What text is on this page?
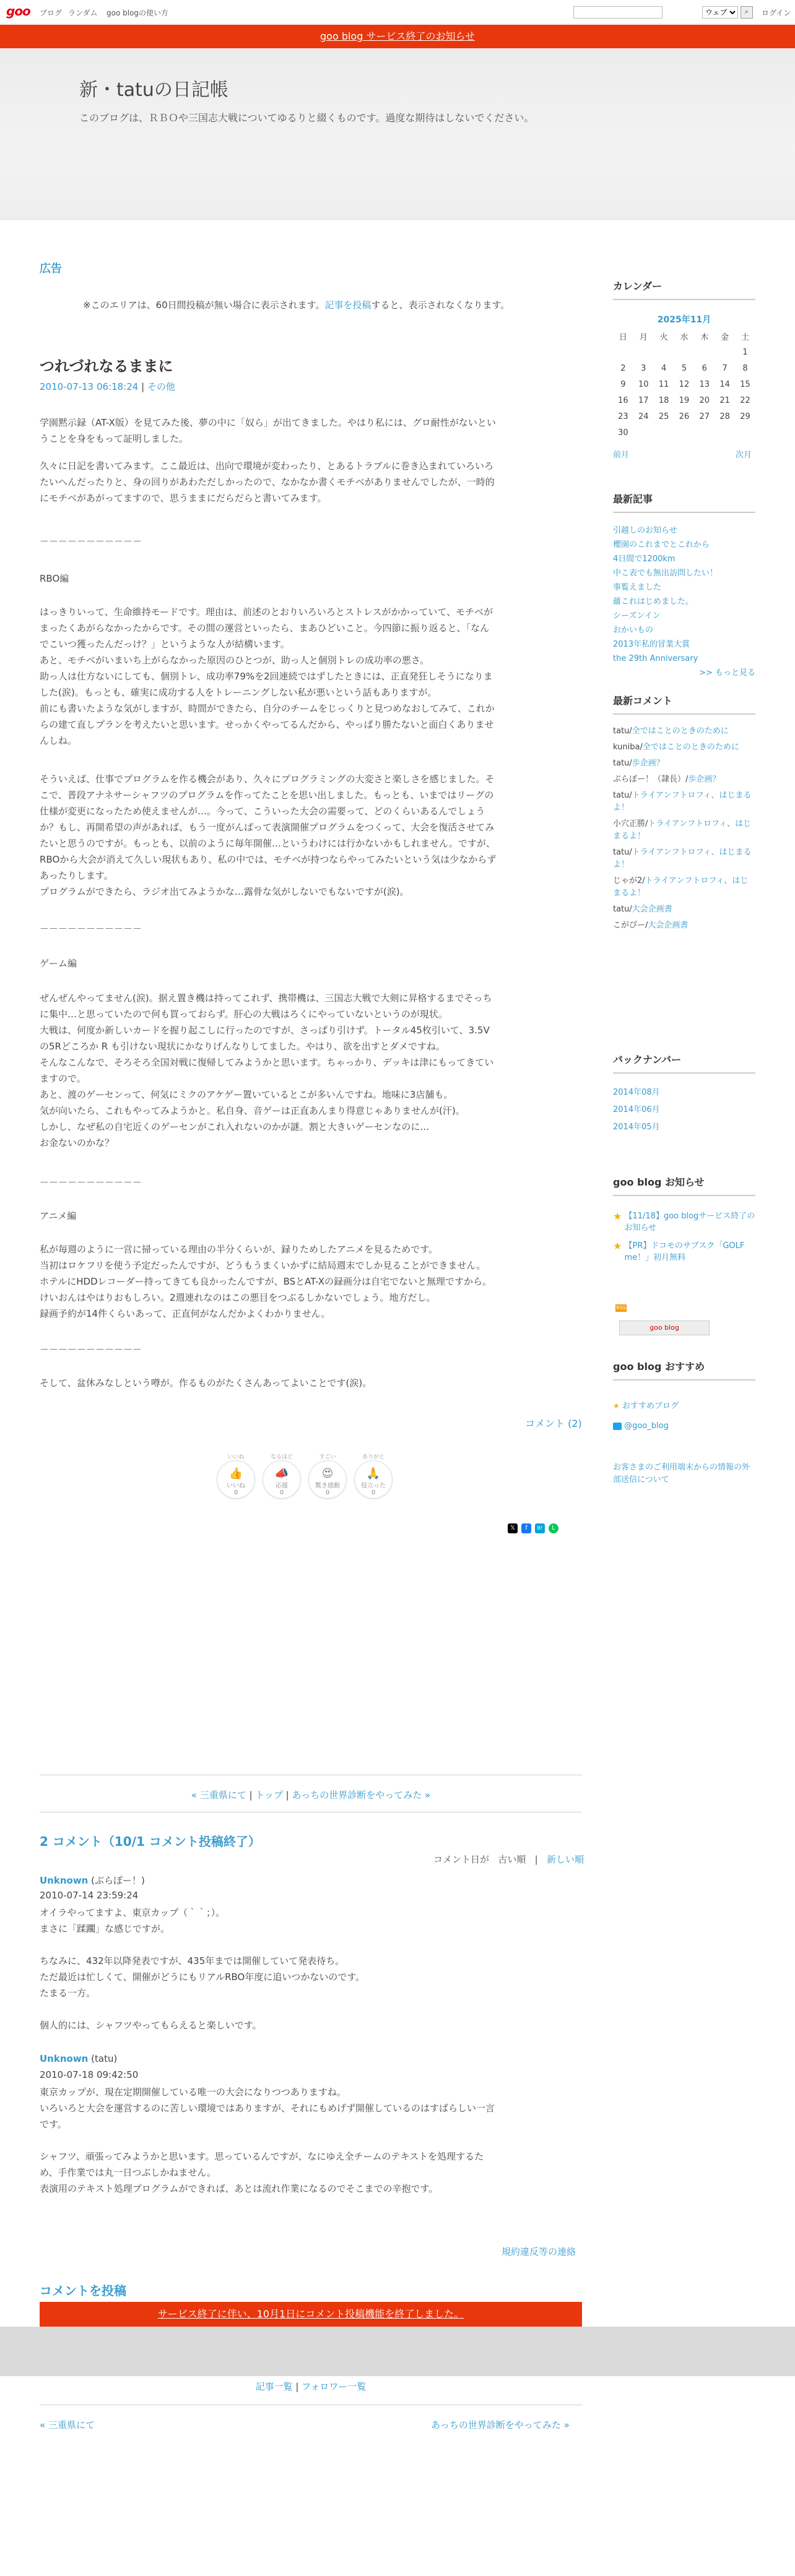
goo ブログ ランダム goo blogの使い方
ウェブ	⌕	ログイン
goo blog サービス終了のお知らせ
新・tatuの日記帳
このブログは、ＲＢＯや三国志大戦についてゆるりと綴くものです。過度な期待はしないでください。
広告
※このエリアは、60日間投稿が無い場合に表示されます。記事を投稿すると、表示されなくなります。
つれづれなるままに
2010-07-13 06:18:24 | その他
学園黙示録（AT-X版）を見てみた後、夢の中に「奴ら」が出てきました。やはり私には、グロ耐性がないということを身をもって証明しました。
久々に日記を書いてみます。ここ最近は、出向で環境が変わったり、とあるトラブルに巻き込まれていろいろたいへんだったりと、身の回りがあわただしかったので、なかなか書くモチベがありませんでしたが、一時的にモチベがあがってますので、思うままにだらだらと書いてみます。
－－－－－－－－－－－
RBO編
はっきりいって、生命維持モードです。理由は、前述のとおりいろいろとストレスがかかっていて、モチベがまったくあがらなかったからです。その間の運営といったら、まあひどいこと。今四節に振り返ると、「なんでこいつ獲ったんだっけ？」というような人が結構います。
あと、モチベがいまいち上がらなかった原因のひとつが、助っ人と個別トレの成功率の悪さ。
助っ人は仕方ないにしても、個別トレ、成功率79%を2回連続ではずしたときには、正直発狂しそうになりました(涙)。もっとも、確実に成功する人をトレーニングしない私が悪いという話もありますが。
前にも書いたような気がしますが、時間ができたら、自分のチームをじっくりと見つめなおしてみて、これからの建て直しプランを考えたいと思います。せっかくやってるんだから、やっぱり勝たないと面白くありませんしね。
そういえば、仕事でプログラムを作る機会があり、久々にプログラミングの大変さと楽しさを感じました。そこで、普段アナネサーシャフツのプログラムを作ってたことを思い出しました。もっとも、いまではリーグの仕様が変更になったため使えませんが…。今って、こういった大会の需要って、どのくらいあるんでしょうか？もし、再開希望の声があれば、もう一度がんばって表演開催プログラムをつくって、大会を復活させてみたいと思うのですが。もっとも、以前のように毎年開催…というわけには行かないかもしれません。ですが、RBOから大会が消えて久しい現状もあり、私の中では、モチベが持つならやってみたいという気は少なからずあったりします。
プログラムができたら、ラジオ出てみようかな…露骨な気がしないでもないですが(涙)。
－－－－－－－－－－－
ゲーム編
ぜんぜんやってません(涙)。据え置き機は持ってこれず、携帯機は、三国志大戦で大剣に昇格するまでそっちに集中…と思っていたので何も買っておらず。肝心の大戦はろくにやっていないというのが現状。
大戦は、何度か新しいカードを握り起こしに行ったのですが、さっぱり引けず。トータル45枚引いて、3.5Vの5Rどころか R も引けない現状にかなりげんなりしてました。やはり、欲を出すとダメですね。
そんなこんなで、そろそろ全国対戦に復帰してみようかと思います。ちゃっかり、デッキは津にもってきていますので。
あと、渡のゲーセンって、何気にミクのアケゲー置いているとこが多いんですね。地味に3店舗も。
気が向いたら、これもやってみようかと。私自身、音ゲーは正直あんまり得意じゃありませんが(汗)。
しかし、なぜ私の自宅近くのゲーセンがこれ入れないのかが謎。割と大きいゲーセンなのに…
お金ないのかな？
－－－－－－－－－－－
アニメ編
私が毎週のように一営に掃っている理由の半分くらいが、録りためしたアニメを見るためです。
当初はロケフリを使う予定だったんですが、どうもうまくいかずに結局週末でしか見ることができません。
ホテルにHDDレコーダー持ってきても良かったんですが、BSとAT-Xの録画分は自宅でないと無理ですから。
けいおんはやはりおもしろい。2週連れなのはこの悪目をつぶるしかないでしょう。地方だし。
録画予約が14件くらいあって、正直何がなんだかよくわかりません。
－－－－－－－－－－－
そして、盆休みなしという噂が。作るものがたくさんあってよいことです(涙)。
コメント (2)
いいね
👍
いいね
0
なるほど
📣
応援
0
すごい
😍
驚き感動
0
ありがと
🙏
役立った
0
𝕏	f	B!	L
« 三重県にて | トップ | あっちの世界診断をやってみた »
2 コメント（10/1 コメント投稿終了）
コメント日が 古い順 | 新しい順
Unknown (ぶらぽー！)
2010-07-14 23:59:24
オイラやってますよ、東京カップ（｀｀；）。
まさに「蹂躙」な感じですが。

ちなみに、432年以降発表ですが、435年までは開催していて発表待ち。
ただ最近は忙しくて、開催がどうにもリアルRBO年度に追いつかないのです。
たまる一方。

個人的には、シャフツやってもらえると楽しいです。
Unknown (tatu)
2010-07-18 09:42:50
東京カップが、現在定期開催している唯一の大会になりつつありますね。
いろいろと大会を運営するのに苦しい環境ではありますが、それにもめげず開催しているのはすばらしい一言です。

シャフツ、頑張ってみようかと思います。思っているんですが、なにゆえ全チームのテキストを処理するため、手作業では丸一日つぶしかねません。
表演用のテキスト処理プログラムができれば、あとは流れ作業になるのでそこまでの辛抱です。
規約違反等の連絡
コメントを投稿
サービス終了に伴い、10月1日にコメント投稿機能を終了しました。
記事一覧 | フォロワー一覧
« 三重県にて	あっちの世界診断をやってみた »
カレンダー
2025年11月
日	月	火	水	木	金	土
						1
2	3	4	5	6	7	8
9	10	11	12	13	14	15
16	17	18	19	20	21	22
23	24	25	26	27	28	29
30						
前月	次月
最新記事
引越しのお知らせ
櫻園のこれまでとこれから
4日間で1200km
中こ表でも無出訪問したい！
事覧えました
蘊これはじめました。
シーズンイン
おかいもの
2013年私的冒業大賞
the 29th Anniversary
>> もっと見る
最新コメント
tatu/全ではことのときのために
kuniba/全ではことのときのために
tatu/歩企画？
ぶらぽー！（隷長）/歩企画？
tatu/トライアンフトロフィ、はじまるよ！
小穴正勝/トライアンフトロフィ、はじまるよ！
tatu/トライアンフトロフィ、はじまるよ！
じゃが2/トライアンフトロフィ、はじまるよ！
tatu/大会企画書
こがぴー/大会企画書
バックナンバー
2014年08月
2014年06月
2014年05月
goo blog お知らせ
★
【11/18】goo blogサービス終了のお知らせ
★
【PR】ドコモのサブスク「GOLF me！」初月無料
RSS
goo blog
goo blog おすすめ
★ おすすめブログ
@goo_blog
お客さまのご利用端末からの情報の外部送信について
